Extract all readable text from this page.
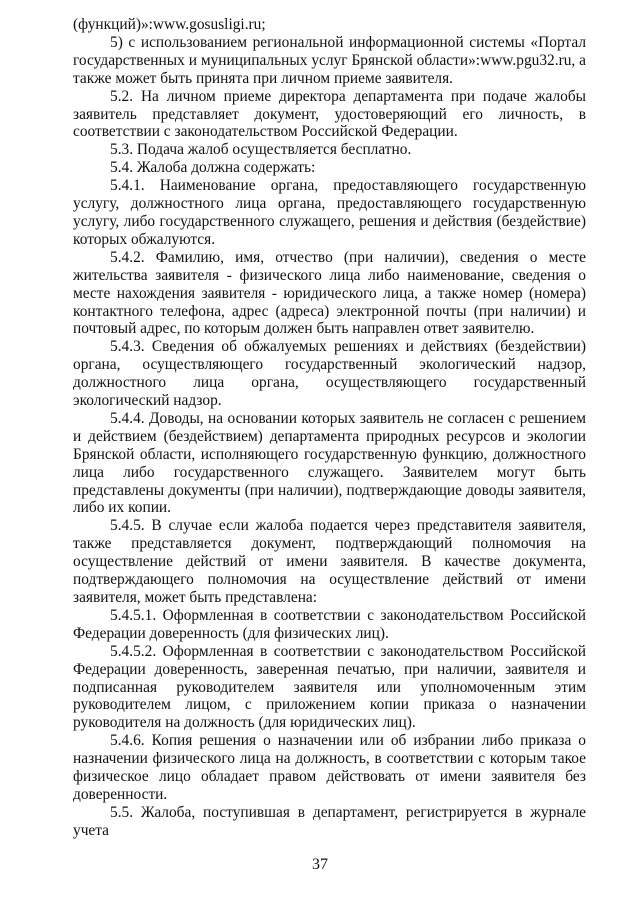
(функций)»:www.gosusligi.ru;

5) с использованием региональной информационной системы «Портал государственных и муниципальных услуг Брянской области»:www.pgu32.ru, а также может быть принята при личном приеме заявителя.

5.2. На личном приеме директора департамента при подаче жалобы заявитель представляет документ, удостоверяющий его личность, в соответствии с законодательством Российской Федерации.

5.3. Подача жалоб осуществляется бесплатно.

5.4. Жалоба должна содержать:

5.4.1. Наименование органа, предоставляющего государственную услугу, должностного лица органа, предоставляющего государственную услугу, либо государственного служащего, решения и действия (бездействие) которых обжалуются.

5.4.2. Фамилию, имя, отчество (при наличии), сведения о месте жительства заявителя - физического лица либо наименование, сведения о месте нахождения заявителя - юридического лица, а также номер (номера) контактного телефона, адрес (адреса) электронной почты (при наличии) и почтовый адрес, по которым должен быть направлен ответ заявителю.

5.4.3. Сведения об обжалуемых решениях и действиях (бездействии) органа, осуществляющего государственный экологический надзор, должностного лица органа, осуществляющего государственный экологический надзор.

5.4.4. Доводы, на основании которых заявитель не согласен с решением и действием (бездействием) департамента природных ресурсов и экологии Брянской области, исполняющего государственную функцию, должностного лица либо государственного служащего. Заявителем могут быть представлены документы (при наличии), подтверждающие доводы заявителя, либо их копии.

5.4.5. В случае если жалоба подается через представителя заявителя, также представляется документ, подтверждающий полномочия на осуществление действий от имени заявителя. В качестве документа, подтверждающего полномочия на осуществление действий от имени заявителя, может быть представлена:

5.4.5.1. Оформленная в соответствии с законодательством Российской Федерации доверенность (для физических лиц).

5.4.5.2. Оформленная в соответствии с законодательством Российской Федерации доверенность, заверенная печатью, при наличии, заявителя и подписанная руководителем заявителя или уполномоченным этим руководителем лицом, с приложением копии приказа о назначении руководителя на должность (для юридических лиц).

5.4.6. Копия решения о назначении или об избрании либо приказа о назначении физического лица на должность, в соответствии с которым такое физическое лицо обладает правом действовать от имени заявителя без доверенности.

5.5. Жалоба, поступившая в департамент, регистрируется в журнале учета

37
